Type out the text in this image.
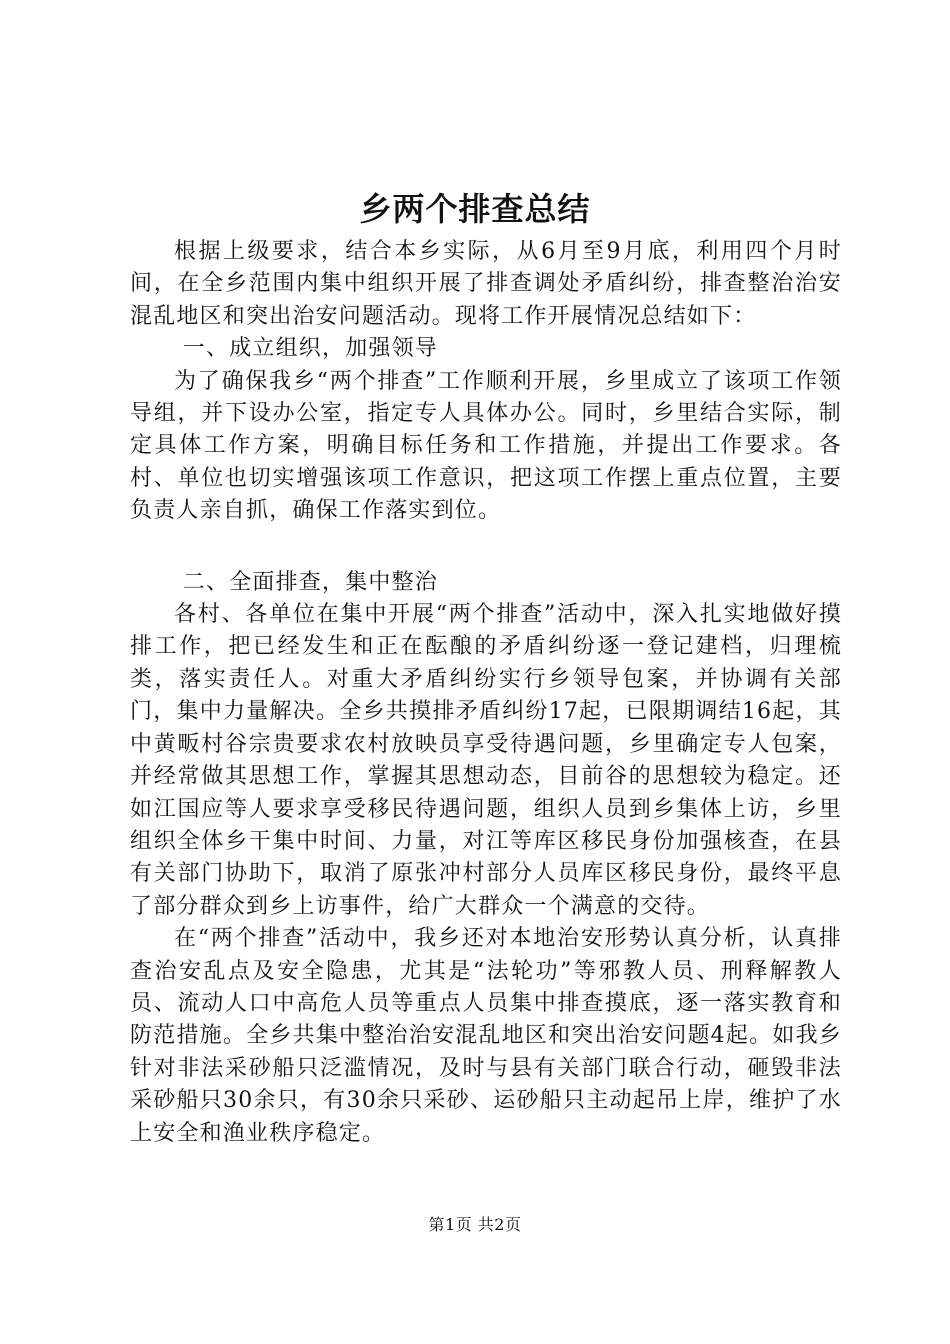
乡两个排查总结

根据上级要求，结合本乡实际，从6月至9月底，利用四个月时间，在全乡范围内集中组织开展了排查调处矛盾纠纷，排查整治治安混乱地区和突出治安问题活动。现将工作开展情况总结如下：

一、成立组织，加强领导

为了确保我乡“两个排查”工作顺利开展，乡里成立了该项工作领导组，并下设办公室，指定专人具体办公。同时，乡里结合实际，制定具体工作方案，明确目标任务和工作措施，并提出工作要求。各村、单位也切实增强该项工作意识，把这项工作摆上重点位置，主要负责人亲自抓，确保工作落实到位。

二、全面排查，集中整治

各村、各单位在集中开展“两个排查”活动中，深入扎实地做好摸排工作，把已经发生和正在酝酿的矛盾纠纷逐一登记建档，归理梳类，落实责任人。对重大矛盾纠纷实行乡领导包案，并协调有关部门，集中力量解决。全乡共摸排矛盾纠纷17起，已限期调结16起，其中黄畈村谷宗贵要求农村放映员享受待遇问题，乡里确定专人包案，并经常做其思想工作，掌握其思想动态，目前谷的思想较为稳定。还如江国应等人要求享受移民待遇问题，组织人员到乡集体上访，乡里组织全体乡干集中时间、力量，对江等库区移民身份加强核查，在县有关部门协助下，取消了原张冲村部分人员库区移民身份，最终平息了部分群众到乡上访事件，给广大群众一个满意的交待。

在“两个排查”活动中，我乡还对本地治安形势认真分析，认真排查治安乱点及安全隐患，尤其是“法轮功”等邪教人员、刑释解教人员、流动人口中高危人员等重点人员集中排查摸底，逐一落实教育和防范措施。全乡共集中整治治安混乱地区和突出治安问题4起。如我乡针对非法采砂船只泛滥情况，及时与县有关部门联合行动，砸毁非法采砂船只30余只，有30余只采砂、运砂船只主动起吊上岸，维护了水上安全和渔业秩序稳定。

第1页 共2页
